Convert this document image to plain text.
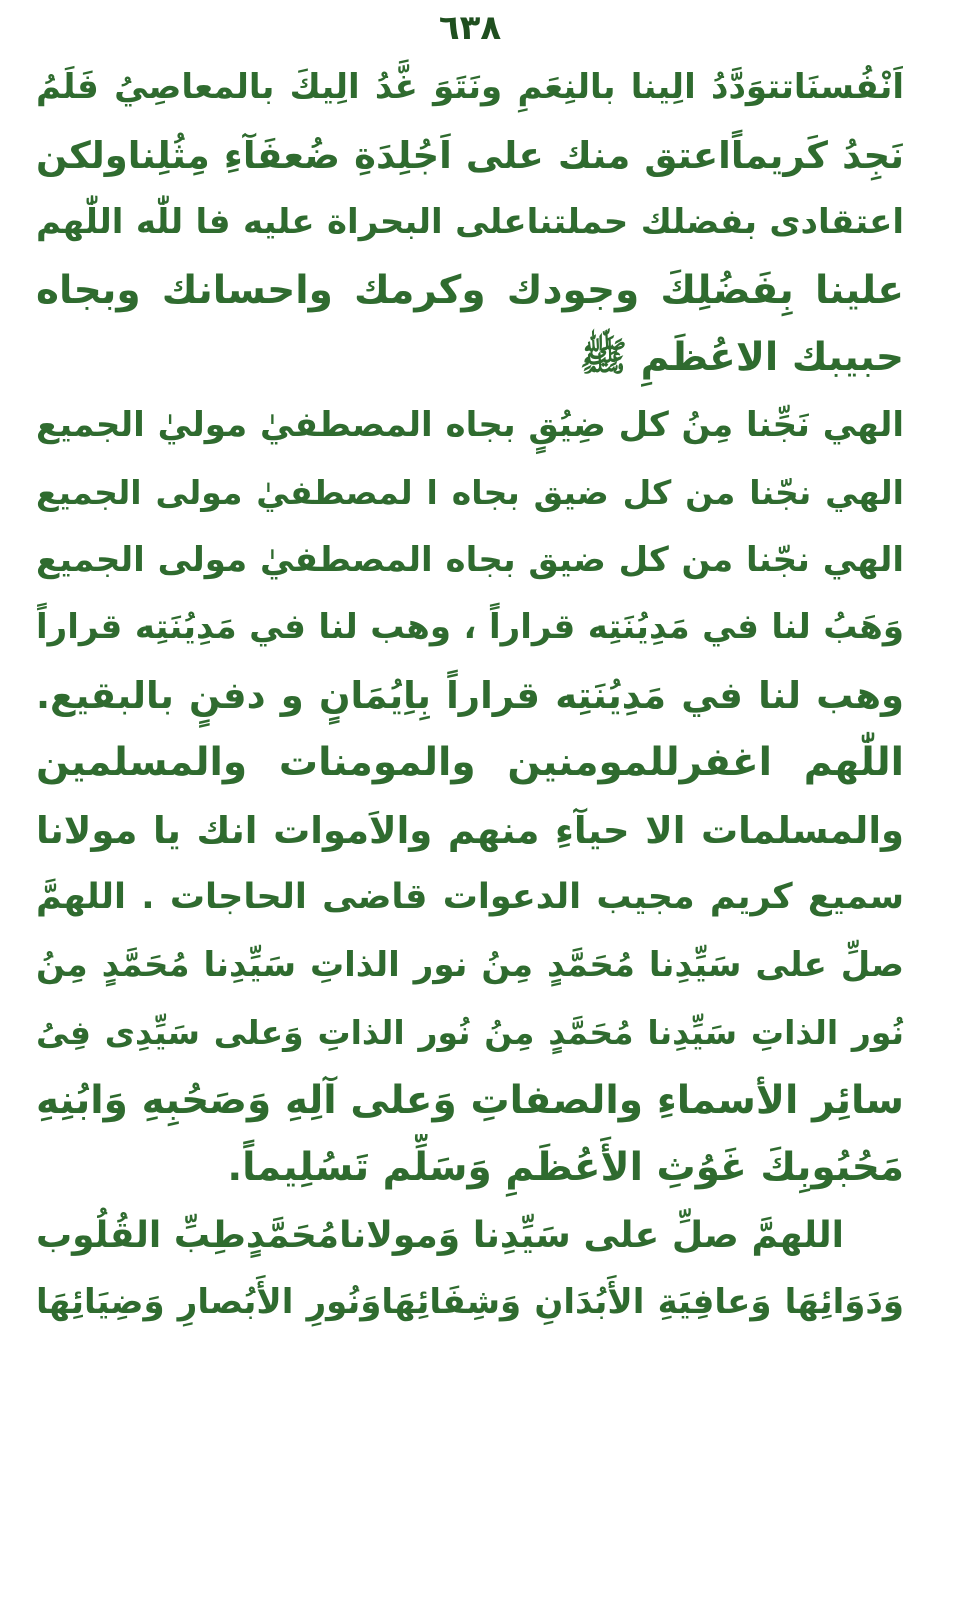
٦٣٨
اَنْفُسنَاتتوَدَّدُ الِينا بالنِعَمِ ونَتَوَ غَّدُ الِيكَ بالمعاصِيُ فَلَمُ
نَجِدُ كَريماًاعتق منك على اَجُلِدَةِ ضُعفَآءِ مِثُلِناولكن
اعتقادى بفضلك حملتناعلى البحراة عليه فا للّٰه اللّٰهم
علينا بِفَضُلِكَ وجودك وكرمك واحسانك وبجاه
حبيبك الاعُظَمِ ﷺ
الهي نَجِّنا مِنُ كل ضِيُقٍ بجاه المصطفيٰ موليٰ الجميع
الهي نجّنا من كل ضيق بجاه ا لمصطفيٰ مولى الجميع
الهي نجّنا من كل ضيق بجاه المصطفيٰ مولى الجميع
وَهَبُ لنا في مَدِيُنَتِه قراراً ، وهب لنا في مَدِيُنَتِه قراراً
وهب لنا في مَدِيُنَتِه قراراً بِاِيُمَانٍ و دفنٍ بالبقيع.
اللّٰهم اغفرللمومنين والمومنات والمسلمين
والمسلمات الا حيآءِ منهم والاَموات انك يا مولانا
سميع كريم مجيب الدعوات قاضى الحاجات . اللهمَّ
صلِّ على سَيِّدِنا مُحَمَّدٍ مِنُ نور الذاتِ سَيِّدِنا مُحَمَّدٍ مِنُ
نُور الذاتِ سَيِّدِنا مُحَمَّدٍ مِنُ نُور الذاتِ وَعلى سَيِّدِى فِىُ
سائِر الأسماءِ والصفاتِ وَعلى آلِهِ وَصَحُبِهِ وَابُنِهِ
مَحُبُوبِكَ غَوُثِ الأَعُظَمِ وَسَلِّم تَسُلِيماً.
اللهمَّ صلِّ على سَيِّدِنا وَمولانامُحَمَّدٍطِبِّ القُلُوب
وَدَوَائِهَا وَعافِيَةِ الأَبُدَانِ وَشِفَائِهَاوَنُورِ الأَبُصارِ وَضِيَائِهَا
